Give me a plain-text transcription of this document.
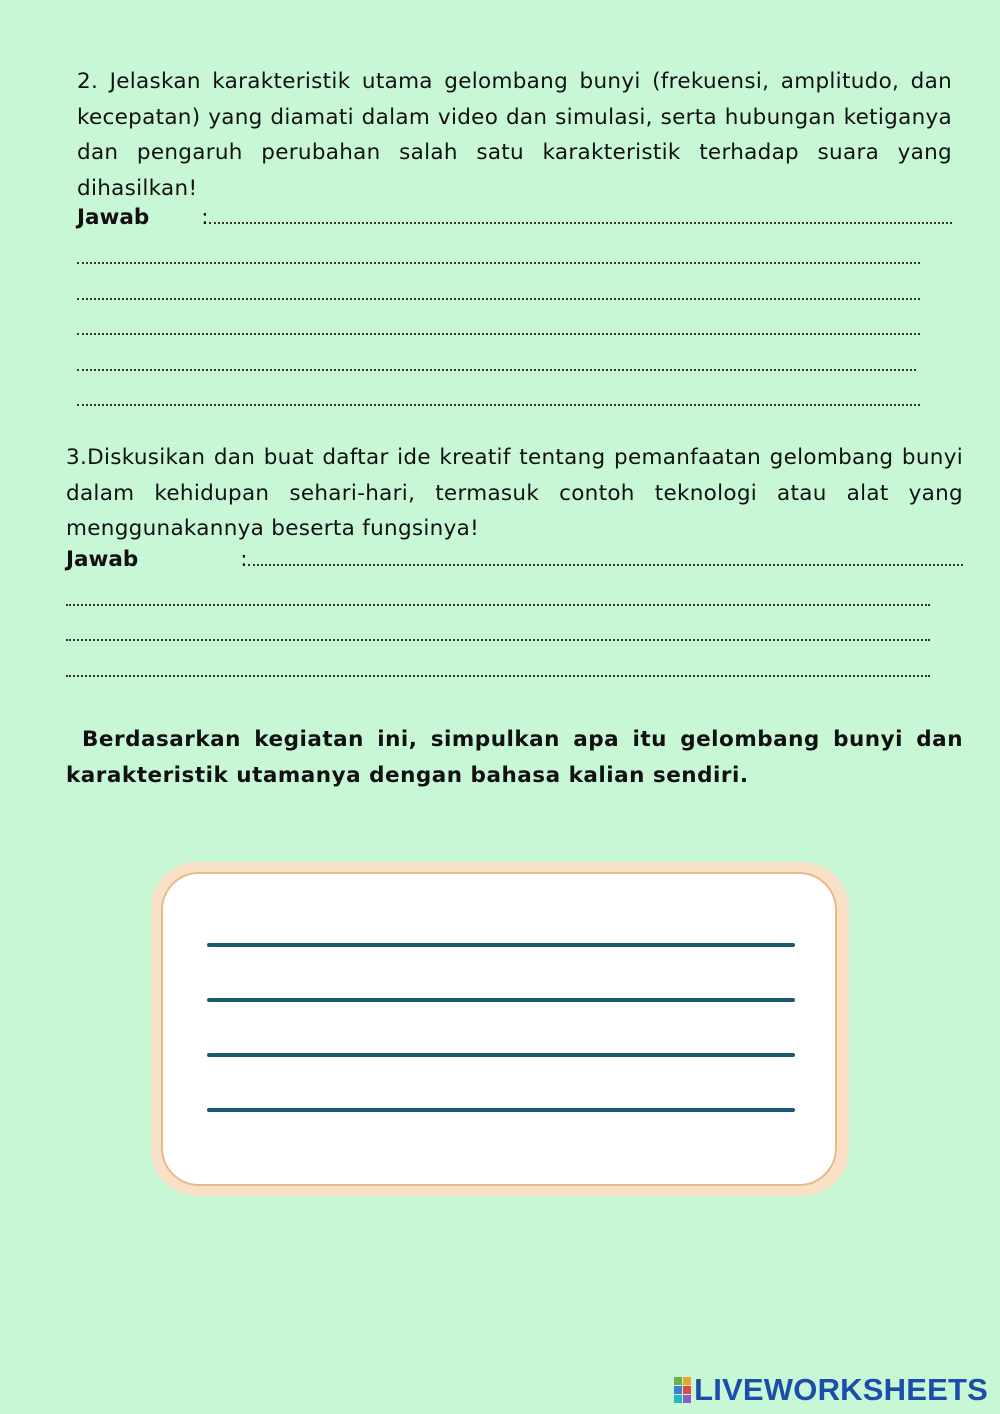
2. Jelaskan karakteristik utama gelombang bunyi (frekuensi, amplitudo, dan kecepatan) yang diamati dalam video dan simulasi, serta hubungan ketiganya dan pengaruh perubahan salah satu karakteristik terhadap suara yang dihasilkan!
Jawab :
3.Diskusikan dan buat daftar ide kreatif tentang pemanfaatan gelombang bunyi dalam kehidupan sehari-hari, termasuk contoh teknologi atau alat yang menggunakannya beserta fungsinya!
Jawab	:
Berdasarkan kegiatan ini, simpulkan apa itu gelombang bunyi dan karakteristik utamanya dengan bahasa kalian sendiri.
LIVEWORKSHEETS
